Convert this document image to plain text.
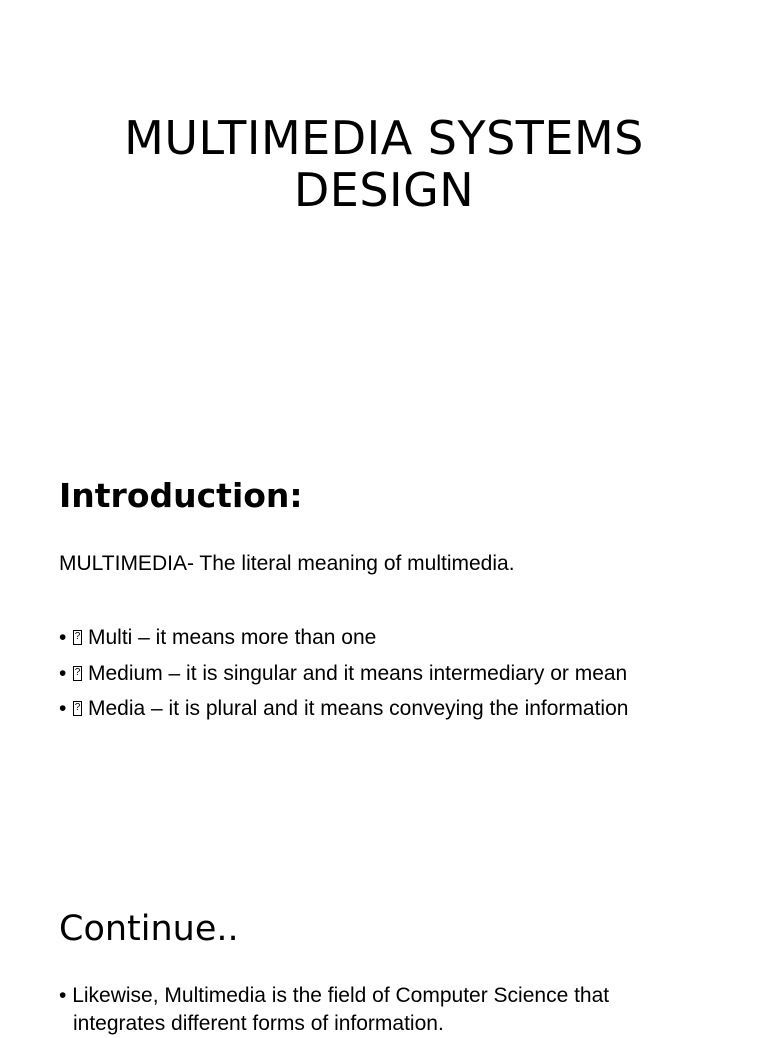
MULTIMEDIA SYSTEMS
DESIGN
Introduction:
MULTIMEDIA- The literal meaning of multimedia.
• ? Multi – it means more than one
• ? Medium – it is singular and it means intermediary or mean
• ? Media – it is plural and it means conveying the information
Continue..
• Likewise, Multimedia is the field of Computer Science that integrates different forms of information.
